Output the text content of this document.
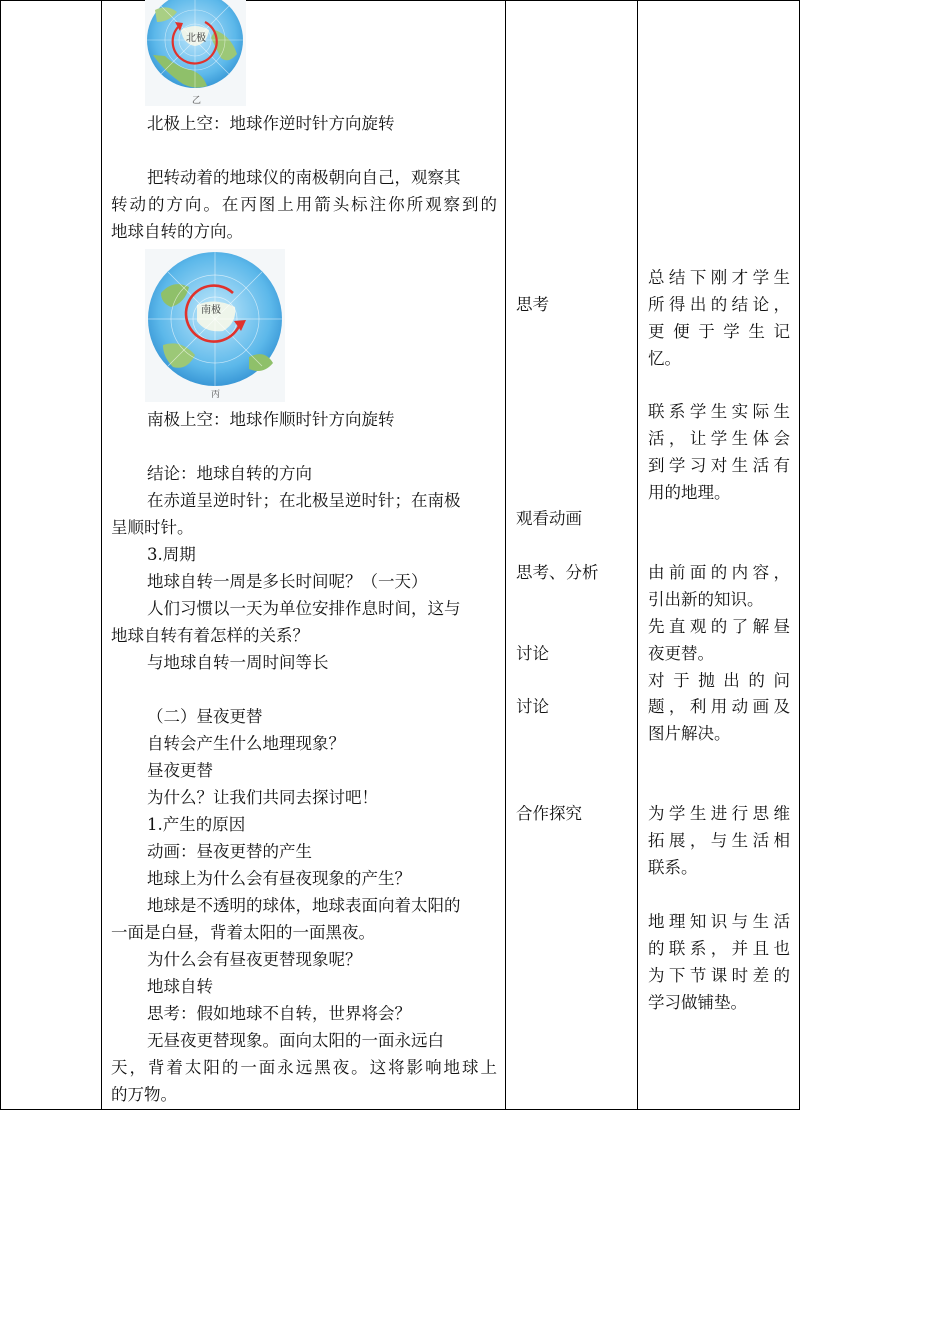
北极
乙
南极
丙
北极上空：地球作逆时针方向旋转
把转动着的地球仪的南极朝向自己，观察其
转动的方向。在丙图上用箭头标注你所观察到的
地球自转的方向。
南极上空：地球作顺时针方向旋转
结论：地球自转的方向
在赤道呈逆时针；在北极呈逆时针；在南极
呈顺时针。
3.周期
地球自转一周是多长时间呢？（一天）
人们习惯以一天为单位安排作息时间，这与
地球自转有着怎样的关系？
与地球自转一周时间等长
（二）昼夜更替
自转会产生什么地理现象？
昼夜更替
为什么？让我们共同去探讨吧！
1.产生的原因
动画：昼夜更替的产生
地球上为什么会有昼夜现象的产生？
地球是不透明的球体，地球表面向着太阳的
一面是白昼，背着太阳的一面黑夜。
为什么会有昼夜更替现象呢？
地球自转
思考：假如地球不自转，世界将会？
无昼夜更替现象。面向太阳的一面永远白
天，背着太阳的一面永远黑夜。这将影响地球上
的万物。
思考
观看动画
思考、分析
讨论
讨论
合作探究
总结下刚才学生
所得出的结论，
更便于学生记
忆。
联系学生实际生
活，让学生体会
到学习对生活有
用的地理。
由前面的内容，
引出新的知识。
先直观的了解昼
夜更替。
对于抛出的问
题，利用动画及
图片解决。
为学生进行思维
拓展，与生活相
联系。
地理知识与生活
的联系，并且也
为下节课时差的
学习做铺垫。
